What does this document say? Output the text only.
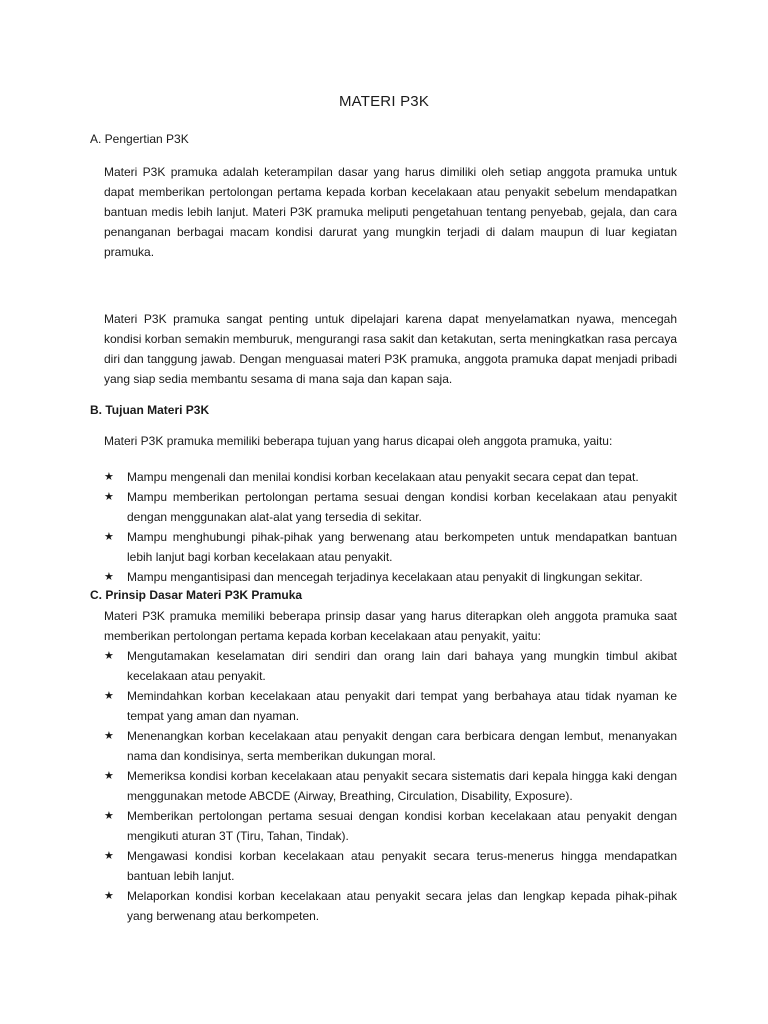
MATERI P3K
A. Pengertian P3K

Materi P3K pramuka adalah keterampilan dasar yang harus dimiliki oleh setiap anggota pramuka untuk dapat memberikan pertolongan pertama kepada korban kecelakaan atau penyakit sebelum mendapatkan bantuan medis lebih lanjut. Materi P3K pramuka meliputi pengetahuan tentang penyebab, gejala, dan cara penanganan berbagai macam kondisi darurat yang mungkin terjadi di dalam maupun di luar kegiatan pramuka.

Materi P3K pramuka sangat penting untuk dipelajari karena dapat menyelamatkan nyawa, mencegah kondisi korban semakin memburuk, mengurangi rasa sakit dan ketakutan, serta meningkatkan rasa percaya diri dan tanggung jawab. Dengan menguasai materi P3K pramuka, anggota pramuka dapat menjadi pribadi yang siap sedia membantu sesama di mana saja dan kapan saja.

B. Tujuan Materi P3K
Materi P3K pramuka memiliki beberapa tujuan yang harus dicapai oleh anggota pramuka, yaitu:
★ Mampu mengenali dan menilai kondisi korban kecelakaan atau penyakit secara cepat dan tepat.
★ Mampu memberikan pertolongan pertama sesuai dengan kondisi korban kecelakaan atau penyakit dengan menggunakan alat-alat yang tersedia di sekitar.
★ Mampu menghubungi pihak-pihak yang berwenang atau berkompeten untuk mendapatkan bantuan lebih lanjut bagi korban kecelakaan atau penyakit.
★ Mampu mengantisipasi dan mencegah terjadinya kecelakaan atau penyakit di lingkungan sekitar.
C. Prinsip Dasar Materi P3K Pramuka

Materi P3K pramuka memiliki beberapa prinsip dasar yang harus diterapkan oleh anggota pramuka saat memberikan pertolongan pertama kepada korban kecelakaan atau penyakit, yaitu:

★ Mengutamakan keselamatan diri sendiri dan orang lain dari bahaya yang mungkin timbul akibat kecelakaan atau penyakit.
★ Memindahkan korban kecelakaan atau penyakit dari tempat yang berbahaya atau tidak nyaman ke tempat yang aman dan nyaman.
★ Menenangkan korban kecelakaan atau penyakit dengan cara berbicara dengan lembut, menanyakan nama dan kondisinya, serta memberikan dukungan moral.
★ Memeriksa kondisi korban kecelakaan atau penyakit secara sistematis dari kepala hingga kaki dengan menggunakan metode ABCDE (Airway, Breathing, Circulation, Disability, Exposure).
★ Memberikan pertolongan pertama sesuai dengan kondisi korban kecelakaan atau penyakit dengan mengikuti aturan 3T (Tiru, Tahan, Tindak).
★ Mengawasi kondisi korban kecelakaan atau penyakit secara terus-menerus hingga mendapatkan bantuan lebih lanjut.
★ Melaporkan kondisi korban kecelakaan atau penyakit secara jelas dan lengkap kepada pihak-pihak yang berwenang atau berkompeten.
